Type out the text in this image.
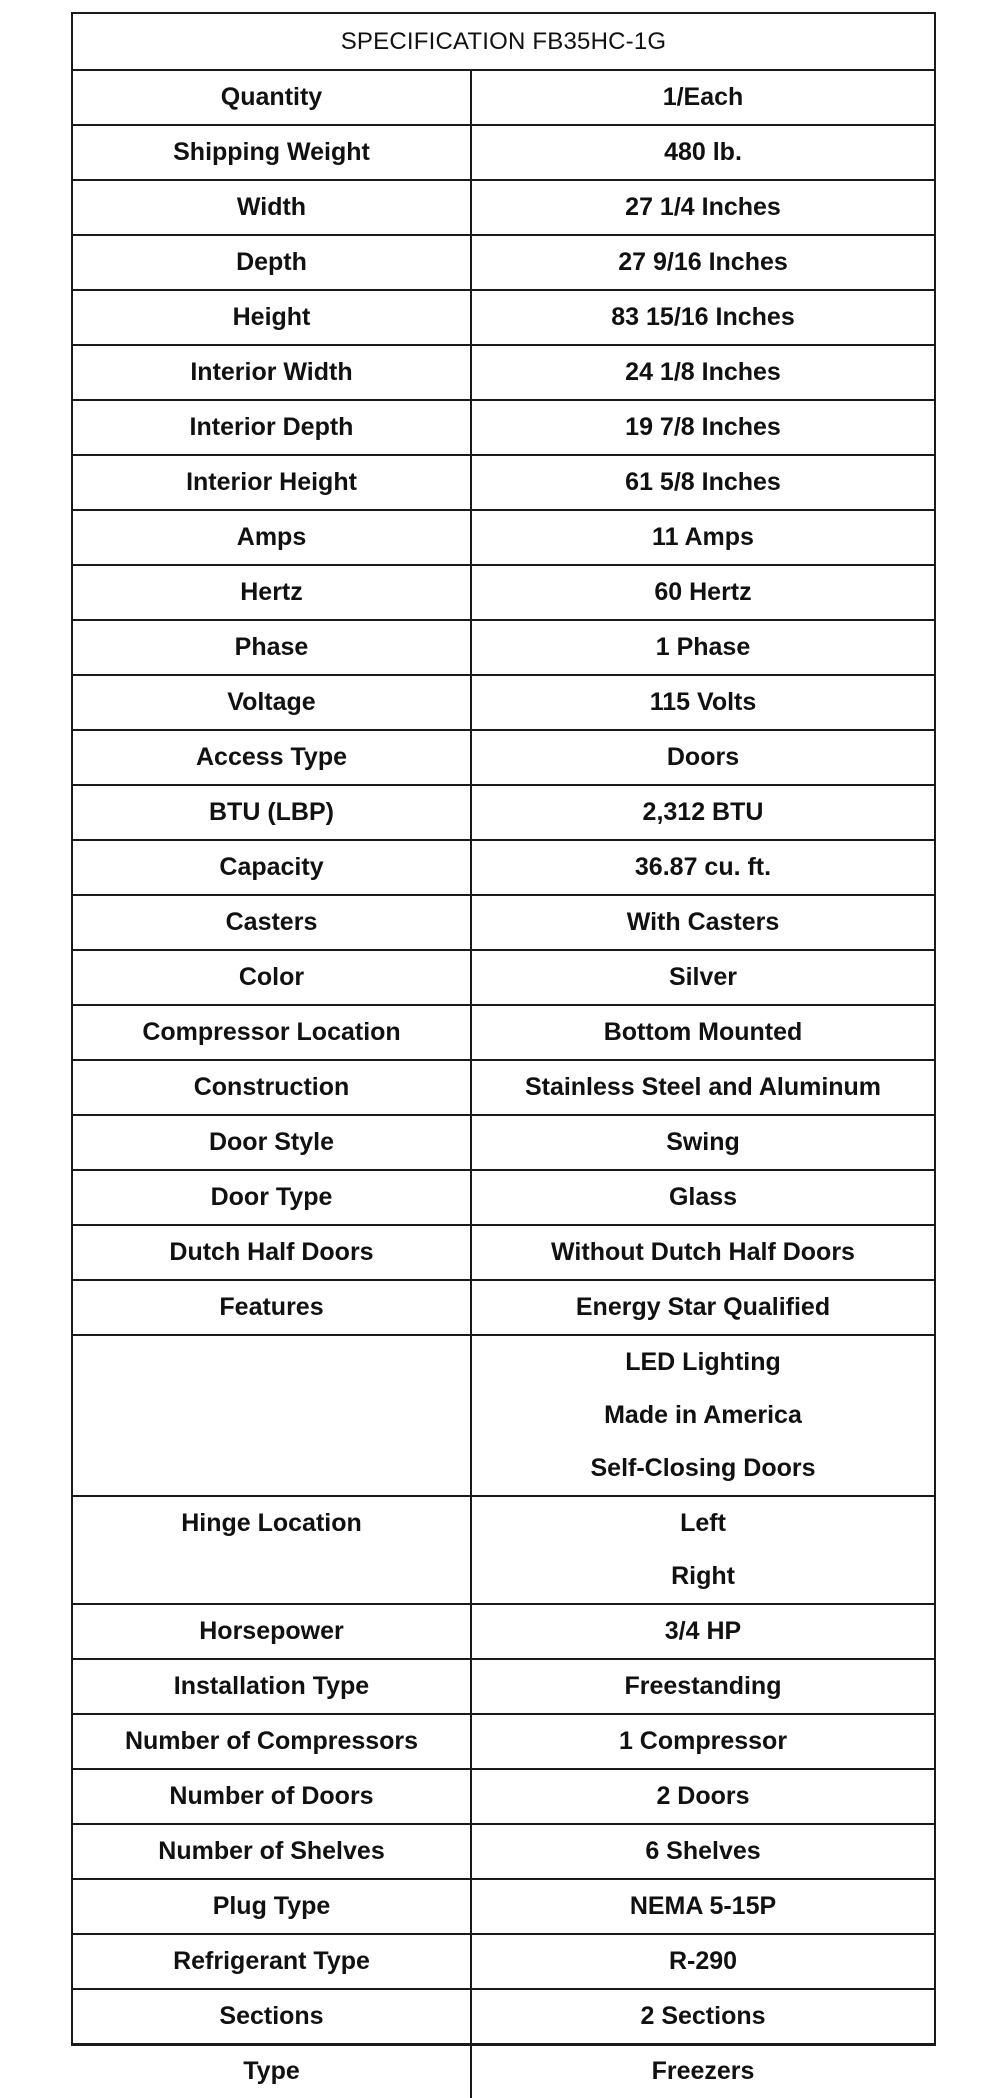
SPECIFICATION FB35HC-1G
Quantity	1/Each
Shipping Weight	480 lb.
Width	27 1/4 Inches
Depth	27 9/16 Inches
Height	83 15/16 Inches
Interior Width	24 1/8 Inches
Interior Depth	19 7/8 Inches
Interior Height	61 5/8 Inches
Amps	11 Amps
Hertz	60 Hertz
Phase	1 Phase
Voltage	115 Volts
Access Type	Doors
BTU (LBP)	2,312 BTU
Capacity	36.87 cu. ft.
Casters	With Casters
Color	Silver
Compressor Location	Bottom Mounted
Construction	Stainless Steel and Aluminum
Door Style	Swing
Door Type	Glass
Dutch Half Doors	Without Dutch Half Doors
Features	Energy Star Qualified
LED Lighting
Made in America
Self-Closing Doors
Hinge Location	Left
Right
Horsepower	3/4 HP
Installation Type	Freestanding
Number of Compressors	1 Compressor
Number of Doors	2 Doors
Number of Shelves	6 Shelves
Plug Type	NEMA 5-15P
Refrigerant Type	R-290
Sections	2 Sections
Type	Freezers
